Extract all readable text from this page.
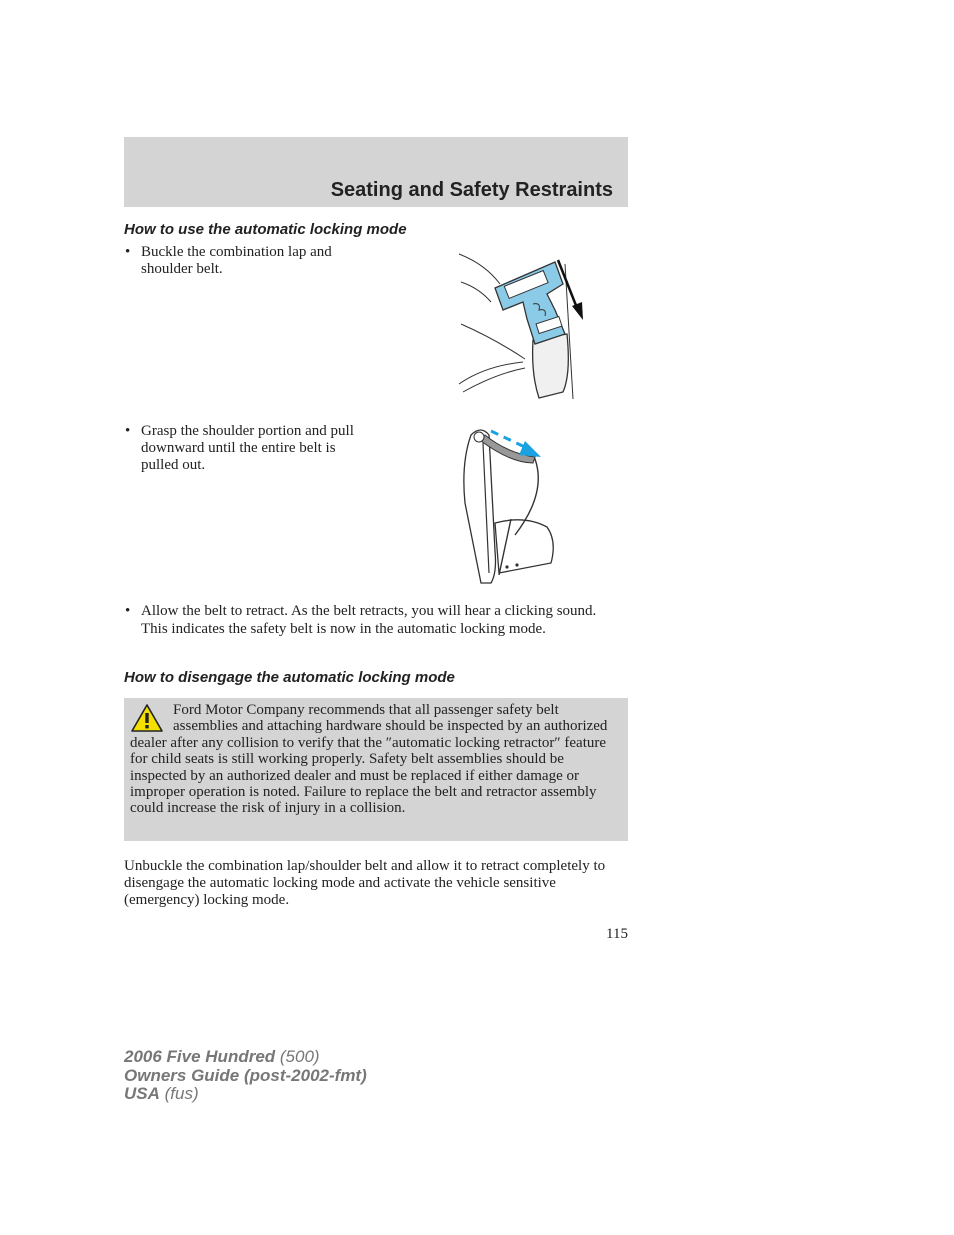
Seating and Safety Restraints
How to use the automatic locking mode
• Buckle the combination lap and shoulder belt.
• Grasp the shoulder portion and pull downward until the entire belt is pulled out.
• Allow the belt to retract. As the belt retracts, you will hear a clicking sound. This indicates the safety belt is now in the automatic locking mode.
How to disengage the automatic locking mode

Ford Motor Company recommends that all passenger safety belt assemblies and attaching hardware should be inspected by an authorized dealer after any collision to verify that the ″automatic locking retractor″ feature for child seats is still working properly. Safety belt assemblies should be inspected by an authorized dealer and must be replaced if either damage or improper operation is noted. Failure to replace the belt and retractor assembly could increase the risk of injury in a collision.

Unbuckle the combination lap/shoulder belt and allow it to retract completely to disengage the automatic locking mode and activate the vehicle sensitive (emergency) locking mode.

115
2006 Five Hundred (500)
Owners Guide (post-2002-fmt)
USA (fus)
